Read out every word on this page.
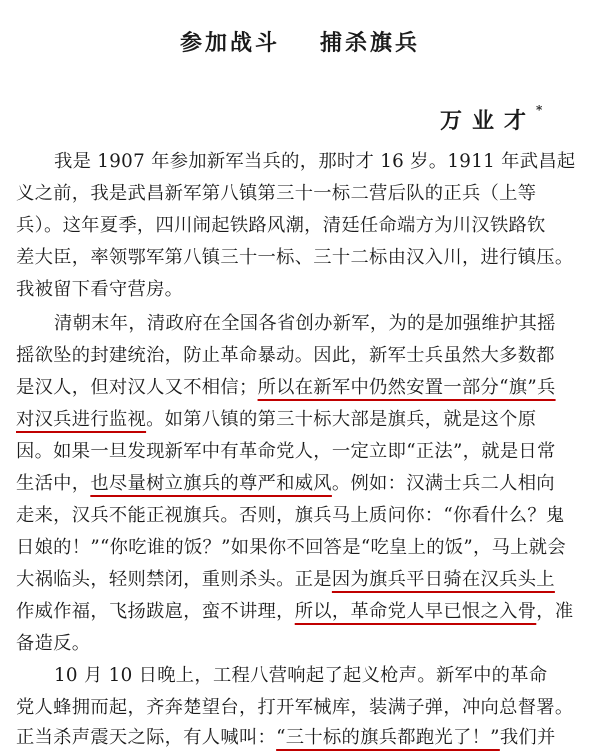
参加战斗 捕杀旗兵
万业才*
我是 1907 年参加新军当兵的，那时才 16 岁。1911 年武昌起
义之前，我是武昌新军第八镇第三十一标二营后队的正兵（上等
兵）。这年夏季，四川闹起铁路风潮，清廷任命端方为川汉铁路钦
差大臣，率领鄂军第八镇三十一标、三十二标由汉入川，进行镇压。
我被留下看守营房。
清朝末年，清政府在全国各省创办新军，为的是加强维护其摇
摇欲坠的封建统治，防止革命暴动。因此，新军士兵虽然大多数都
是汉人，但对汉人又不相信；所以在新军中仍然安置一部分“旗”兵
对汉兵进行监视。如第八镇的第三十标大部是旗兵，就是这个原
因。如果一旦发现新军中有革命党人，一定立即“正法”，就是日常
生活中，也尽量树立旗兵的尊严和威风。例如：汉满士兵二人相向
走来，汉兵不能正视旗兵。否则，旗兵马上质问你：“你看什么？鬼
日娘的！”“你吃谁的饭？”如果你不回答是“吃皇上的饭”，马上就会
大祸临头，轻则禁闭，重则杀头。正是因为旗兵平日骑在汉兵头上
作威作福，飞扬跋扈，蛮不讲理，所以，革命党人早已恨之入骨，准
备造反。
10 月 10 日晚上，工程八营响起了起义枪声。新军中的革命
党人蜂拥而起，齐奔楚望台，打开军械库，装满子弹，冲向总督署。
正当杀声震天之际，有人喊叫：“三十标的旗兵都跑光了！”我们并
